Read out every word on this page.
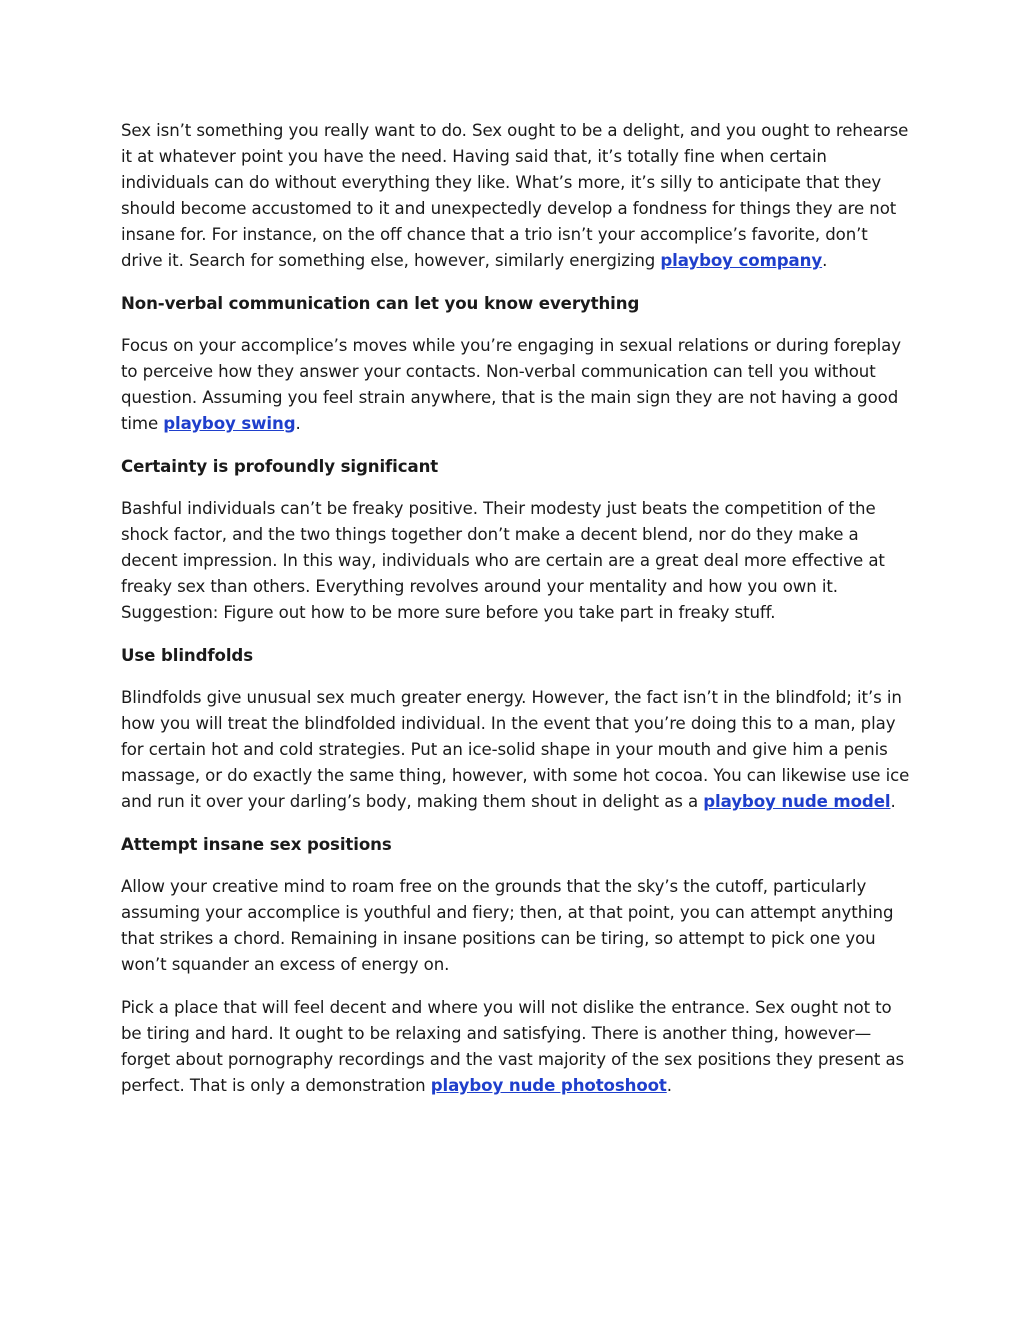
Sex isn’t something you really want to do. Sex ought to be a delight, and you ought to rehearse it at whatever point you have the need. Having said that, it’s totally fine when certain individuals can do without everything they like. What’s more, it’s silly to anticipate that they should become accustomed to it and unexpectedly develop a fondness for things they are not insane for. For instance, on the off chance that a trio isn’t your accomplice’s favorite, don’t drive it. Search for something else, however, similarly energizing playboy company.

Non-verbal communication can let you know everything

Focus on your accomplice’s moves while you’re engaging in sexual relations or during foreplay to perceive how they answer your contacts. Non-verbal communication can tell you without question. Assuming you feel strain anywhere, that is the main sign they are not having a good time playboy swing.

Certainty is profoundly significant

Bashful individuals can’t be freaky positive. Their modesty just beats the competition of the shock factor, and the two things together don’t make a decent blend, nor do they make a decent impression. In this way, individuals who are certain are a great deal more effective at freaky sex than others. Everything revolves around your mentality and how you own it. Suggestion: Figure out how to be more sure before you take part in freaky stuff.

Use blindfolds

Blindfolds give unusual sex much greater energy. However, the fact isn’t in the blindfold; it’s in how you will treat the blindfolded individual. In the event that you’re doing this to a man, play for certain hot and cold strategies. Put an ice-solid shape in your mouth and give him a penis massage, or do exactly the same thing, however, with some hot cocoa. You can likewise use ice and run it over your darling’s body, making them shout in delight as a playboy nude model.

Attempt insane sex positions

Allow your creative mind to roam free on the grounds that the sky’s the cutoff, particularly assuming your accomplice is youthful and fiery; then, at that point, you can attempt anything that strikes a chord. Remaining in insane positions can be tiring, so attempt to pick one you won’t squander an excess of energy on.

Pick a place that will feel decent and where you will not dislike the entrance. Sex ought not to be tiring and hard. It ought to be relaxing and satisfying. There is another thing, however—forget about pornography recordings and the vast majority of the sex positions they present as perfect. That is only a demonstration playboy nude photoshoot.
